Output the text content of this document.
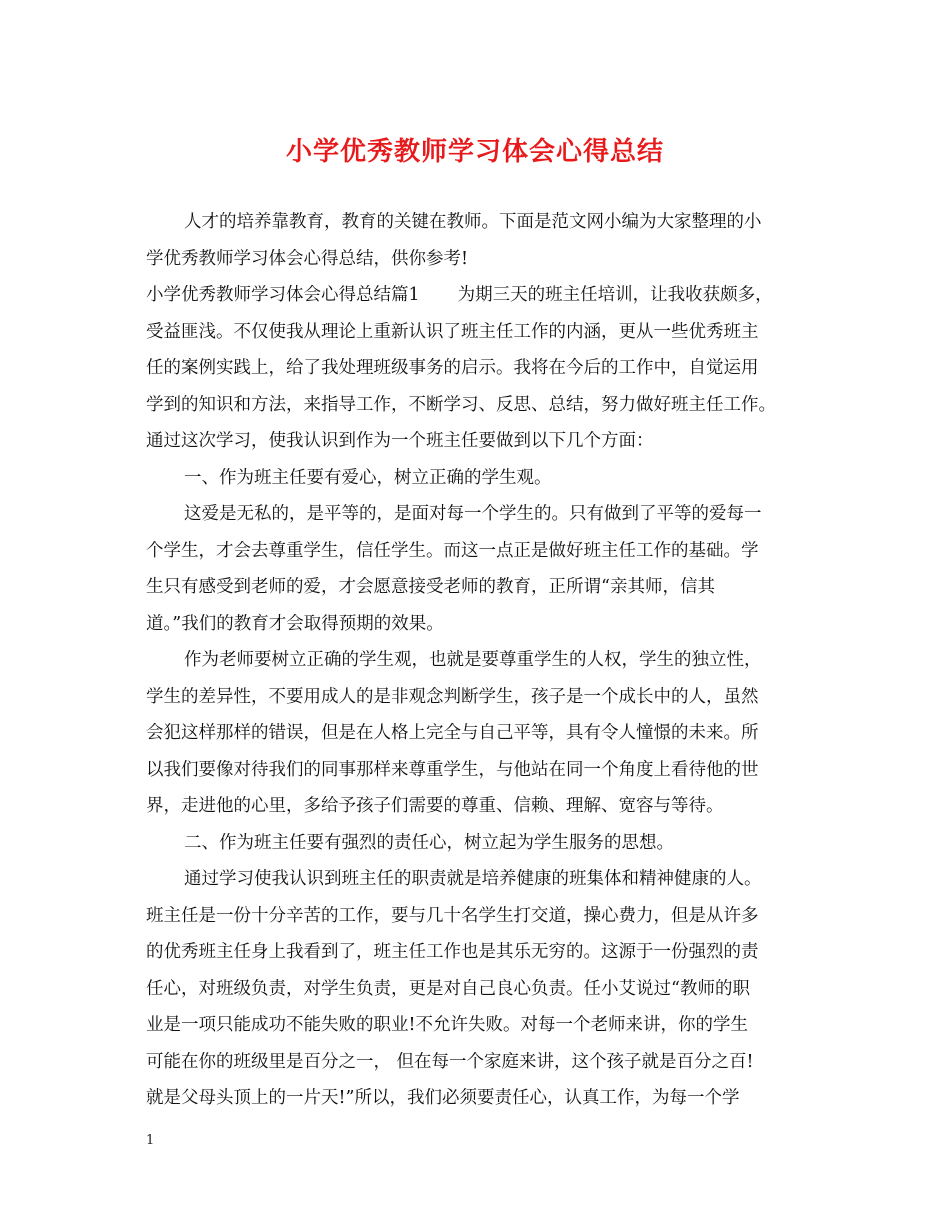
小学优秀教师学习体会心得总结
人才的培养靠教育，教育的关键在教师。下面是范文网小编为大家整理的小
学优秀教师学习体会心得总结，供你参考!
小学优秀教师学习体会心得总结篇1 为期三天的班主任培训，让我收获颇多，
受益匪浅。不仅使我从理论上重新认识了班主任工作的内涵，更从一些优秀班主
任的案例实践上，给了我处理班级事务的启示。我将在今后的工作中，自觉运用
学到的知识和方法，来指导工作，不断学习、反思、总结，努力做好班主任工作。
通过这次学习，使我认识到作为一个班主任要做到以下几个方面：
一、作为班主任要有爱心，树立正确的学生观。
这爱是无私的，是平等的，是面对每一个学生的。只有做到了平等的爱每一
个学生，才会去尊重学生，信任学生。而这一点正是做好班主任工作的基础。学
生只有感受到老师的爱，才会愿意接受老师的教育，正所谓“亲其师，信其
道。”我们的教育才会取得预期的效果。
作为老师要树立正确的学生观，也就是要尊重学生的人权，学生的独立性，
学生的差异性，不要用成人的是非观念判断学生，孩子是一个成长中的人，虽然
会犯这样那样的错误，但是在人格上完全与自己平等，具有令人憧憬的未来。所
以我们要像对待我们的同事那样来尊重学生，与他站在同一个角度上看待他的世
界，走进他的心里，多给予孩子们需要的尊重、信赖、理解、宽容与等待。
二、作为班主任要有强烈的责任心，树立起为学生服务的思想。
通过学习使我认识到班主任的职责就是培养健康的班集体和精神健康的人。
班主任是一份十分辛苦的工作，要与几十名学生打交道，操心费力，但是从许多
的优秀班主任身上我看到了，班主任工作也是其乐无穷的。这源于一份强烈的责
任心，对班级负责，对学生负责，更是对自己良心负责。任小艾说过“教师的职
业是一项只能成功不能失败的职业!不允许失败。对每一个老师来讲，你的学生
可能在你的班级里是百分之一， 但在每一个家庭来讲，这个孩子就是百分之百!
就是父母头顶上的一片天!”所以，我们必须要责任心，认真工作，为每一个学
1
